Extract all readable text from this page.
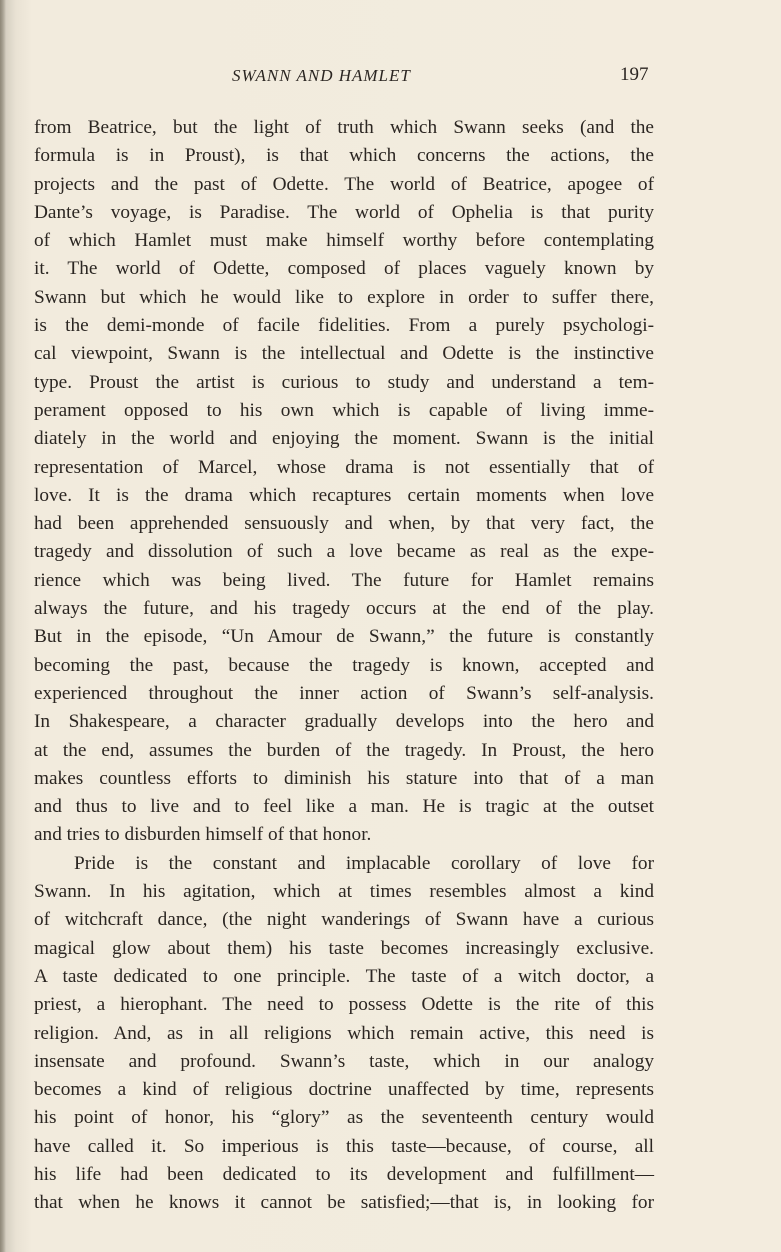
SWANN AND HAMLET	197
from Beatrice, but the light of truth which Swann seeks (and the
formula is in Proust), is that which concerns the actions, the
projects and the past of Odette. The world of Beatrice, apogee of
Dante’s voyage, is Paradise. The world of Ophelia is that purity
of which Hamlet must make himself worthy before contemplating
it. The world of Odette, composed of places vaguely known by
Swann but which he would like to explore in order to suffer there,
is the demi-monde of facile fidelities. From a purely psychologi-
cal viewpoint, Swann is the intellectual and Odette is the instinctive
type. Proust the artist is curious to study and understand a tem-
perament opposed to his own which is capable of living imme-
diately in the world and enjoying the moment. Swann is the initial
representation of Marcel, whose drama is not essentially that of
love. It is the drama which recaptures certain moments when love
had been apprehended sensuously and when, by that very fact, the
tragedy and dissolution of such a love became as real as the expe-
rience which was being lived. The future for Hamlet remains
always the future, and his tragedy occurs at the end of the play.
But in the episode, “Un Amour de Swann,” the future is constantly
becoming the past, because the tragedy is known, accepted and
experienced throughout the inner action of Swann’s self-analysis.
In Shakespeare, a character gradually develops into the hero and
at the end, assumes the burden of the tragedy. In Proust, the hero
makes countless efforts to diminish his stature into that of a man
and thus to live and to feel like a man. He is tragic at the outset
and tries to disburden himself of that honor.
Pride is the constant and implacable corollary of love for
Swann. In his agitation, which at times resembles almost a kind
of witchcraft dance, (the night wanderings of Swann have a curious
magical glow about them) his taste becomes increasingly exclusive.
A taste dedicated to one principle. The taste of a witch doctor, a
priest, a hierophant. The need to possess Odette is the rite of this
religion. And, as in all religions which remain active, this need is
insensate and profound. Swann’s taste, which in our analogy
becomes a kind of religious doctrine unaffected by time, represents
his point of honor, his “glory” as the seventeenth century would
have called it. So imperious is this taste—because, of course, all
his life had been dedicated to its development and fulfillment—
that when he knows it cannot be satisfied;—that is, in looking for
